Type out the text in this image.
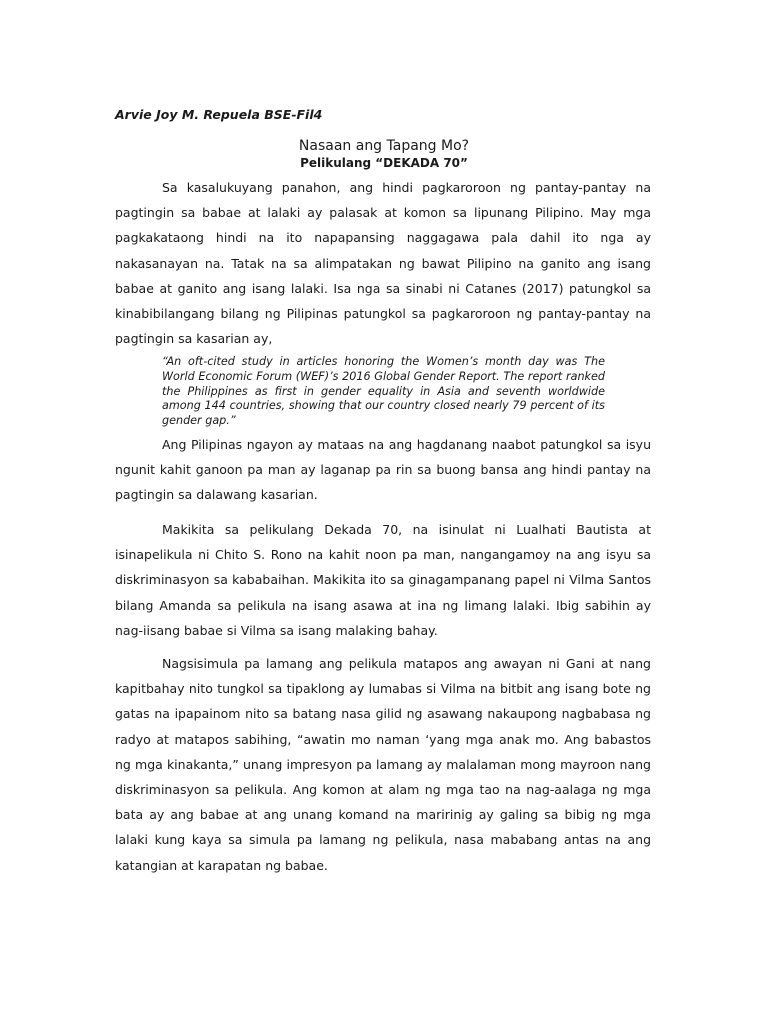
Arvie Joy M. Repuela BSE-Fil4
Nasaan ang Tapang Mo?
Pelikulang “DEKADA 70”

Sa kasalukuyang panahon, ang hindi pagkaroroon ng pantay-pantay na pagtingin sa babae at lalaki ay palasak at komon sa lipunang Pilipino. May mga pagkakataong hindi na ito napapansing naggagawa pala dahil ito nga ay nakasanayan na. Tatak na sa alimpatakan ng bawat Pilipino na ganito ang isang babae at ganito ang isang lalaki. Isa nga sa sinabi ni Catanes (2017) patungkol sa kinabibilangang bilang ng Pilipinas patungkol sa pagkaroroon ng pantay-pantay na pagtingin sa kasarian ay,

“An oft-cited study in articles honoring the Women’s month day was The World Economic Forum (WEF)’s 2016 Global Gender Report. The report ranked the Philippines as first in gender equality in Asia and seventh worldwide among 144 countries, showing that our country closed nearly 79 percent of its gender gap.”

Ang Pilipinas ngayon ay mataas na ang hagdanang naabot patungkol sa isyu ngunit kahit ganoon pa man ay laganap pa rin sa buong bansa ang hindi pantay na pagtingin sa dalawang kasarian.

Makikita sa pelikulang Dekada 70, na isinulat ni Lualhati Bautista at isinapelikula ni Chito S. Rono na kahit noon pa man, nangangamoy na ang isyu sa diskriminasyon sa kababaihan. Makikita ito sa ginagampanang papel ni Vilma Santos bilang Amanda sa pelikula na isang asawa at ina ng limang lalaki. Ibig sabihin ay nag-iisang babae si Vilma sa isang malaking bahay.

Nagsisimula pa lamang ang pelikula matapos ang awayan ni Gani at nang kapitbahay nito tungkol sa tipaklong ay lumabas si Vilma na bitbit ang isang bote ng gatas na ipapainom nito sa batang nasa gilid ng asawang nakaupong nagbabasa ng radyo at matapos sabihing, “awatin mo naman ‘yang mga anak mo. Ang babastos ng mga kinakanta,” unang impresyon pa lamang ay malalaman mong mayroon nang diskriminasyon sa pelikula. Ang komon at alam ng mga tao na nag-aalaga ng mga bata ay ang babae at ang unang komand na maririnig ay galing sa bibig ng mga lalaki kung kaya sa simula pa lamang ng pelikula, nasa mababang antas na ang katangian at karapatan ng babae.
